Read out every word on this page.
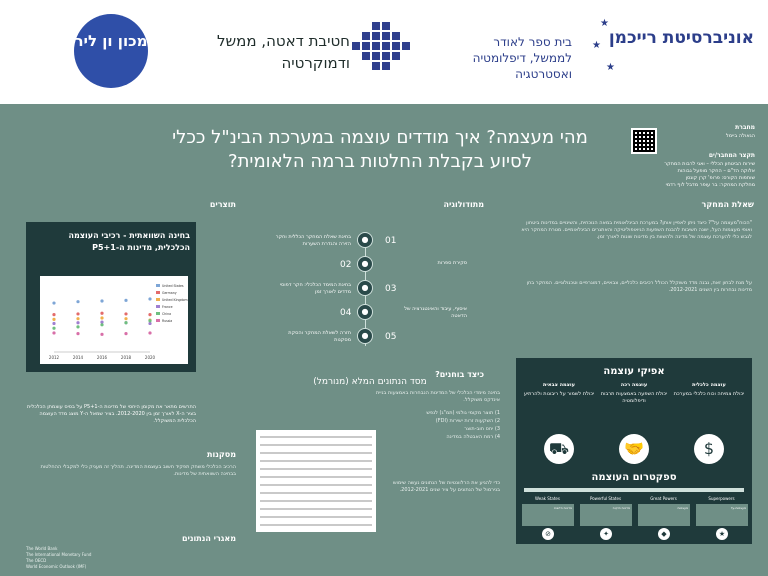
מכון ון ליר	חטיבת דאטה, ממשל ודמוקרטיה
בית ספר לאודר לממשל, דיפלומטיה ואסטרטגיה
אוניברסיטת רייכמן
★
★
★
מהי מעצמה? איך מודדים עוצמה במערכת הבינ"ל ככלי לסיוע בקבלת החלטות ברמה הלאומית?
מחברת
הגאולה ביימל
תקצר המחבר/ים
שירות הביטחון הכללי – ואני לרבות המחקר
אלוקה הד"ם – החקר מופעל גבוהות
שותפות הקורס: פרופ' קרן קונסן
מחלקת המחקר: בר עופר מדבל לוף רדמי
שאלת המחקר
מתודולוגיה
תוצרים
מסקנות
מאגרי הנתונים
כיצד בוחנים?
"הכוח"מעצמה על"? כיצד ניתן לאפיין אותן? במערכת הבינלאומית במאה הנוכחית, והשינויים במדינות ביטחון ואופי מעצמות העל, ישנה חשיבות להבנת השפעות הגיאופוליטיקה והאתגרים הבינלאומיים. מטרת המחקר היא לגבש כלי להערכת עוצמה של מדינה ולהשוות בין מדינות שונות לאורך זמן.
על מנת לבחון זאת, נבנה מדד משוקלל הכולל רכיבים כלכליים, צבאיים, דמוגרפיים וטכנולוגיים. המחקר בחן מדינות נבחרות בין השנים 2012-2021.
●	01
בחינת שאלת המחקר הכללית וחקר הזירה והגדרת השערות
●
02	סקירת ספרות
●	03
בחינת המימד הכלכלי: חקר דפוסי מדדים לאורך זמן
●
04	איסוף, עיבוד והאינטגרציה של הדאטה
●	05
חזרה לשאלת המחקר והסקת מסקנות
בחינה מימדי הכלכלי של המדינות הנבחרות באמצעות בניית אינדקס משוקלל.
1) תוצר מקומי גולמי (תמ"ג) לנפש
2) השקעות זרות ישירות (FDI)
3) יחס חוב-תוצר
4) רמת האבטלה במדינה
כדי להגיע את הרלוונטיות של הנתונים נעשה שימוש בנירמול של הנתונים על ציר שנים 2012-2021.
מסד הנתונים המלא (מנורמל)
בחינה השוואתית - רכיבי העוצמה הכלכלית, מדינות ה-P5+1
2012	2014	2016	2018	2020
United States
Germany
United Kingdom
France
China
Russia
התרשים מתאר את מקומן היחסי של מדינות ה-P5+1 על בסיס עוצמתן הכלכלית בציר ה-X לאורך זמן בין 2012-2020. בציר שמאל ה-Y מוצג מדד העוצמה הכלכלית המשוקלל.
הרכיב הכלכלי משחק תפקיד חשוב בעוצמת המדינה. תהליך זה מעניק כלי למקבלי ההחלטות בבחינה השוואתית של מדינות.
The World Bank
The International Monetary Fund
The OECD
World Economic Outlook (IMF)
אפיקי עוצמה
עוצמה צבאית
יכולת לשמור על ריבונות ולהרתיע
עוצמה רכה
יכולת השפעה באמצעות תרבות ודיפלומטיה
עוצמה כלכלית
יכולת צמיחה וכוח כלכלי במערכת
⛟	🤝	$
ספקטרום העוצמה
Weak States	Powerful States	Great Powers	Superpowers
מדינות חלשות	מדינות חזקות	מעצמות	מעצמות-על
⊘	✦	◆	★
